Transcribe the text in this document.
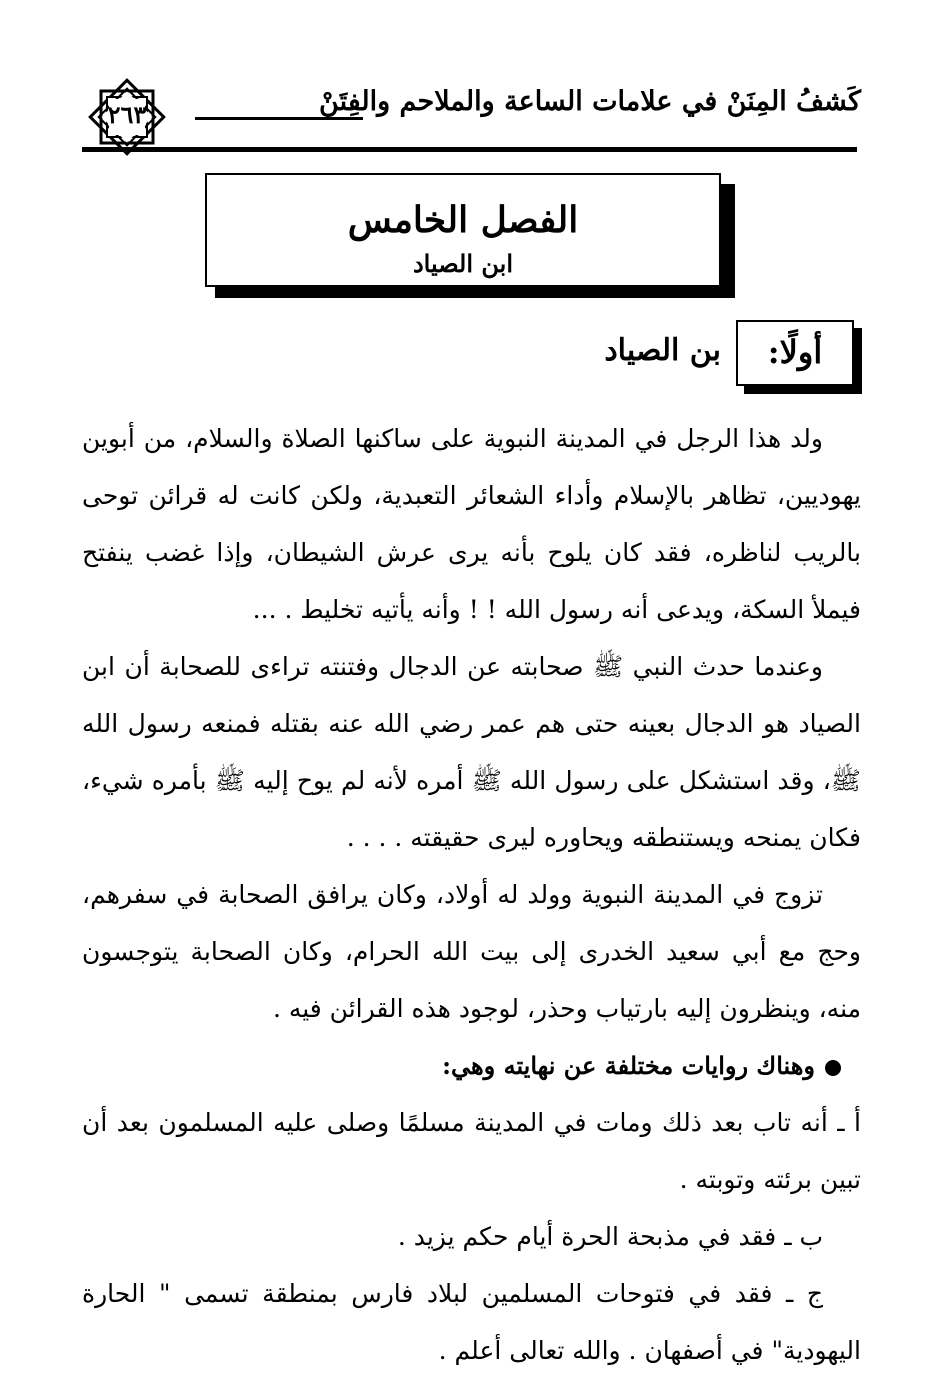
كَشفُ المِنَنْ في علامات الساعة والملاحم والفِتَنْ
٢٦٣
الفصل الخامس
ابن الصياد
أولًا:
بن الصياد

ولد هذا الرجل في المدينة النبوية على ساكنها الصلاة والسلام، من أبوين يهوديين، تظاهر بالإسلام وأداء الشعائر التعبدية، ولكن كانت له قرائن توحى بالريب لناظره، فقد كان يلوح بأنه يرى عرش الشيطان، وإذا غضب ينفتح فيملأ السكة، ويدعى أنه رسول الله ! ! وأنه يأتيه تخليط . ...

وعندما حدث النبي ﷺ صحابته عن الدجال وفتنته تراءى للصحابة أن ابن الصياد هو الدجال بعينه حتى هم عمر رضي الله عنه بقتله فمنعه رسول الله ﷺ، وقد استشكل على رسول الله ﷺ أمره لأنه لم يوح إليه ﷺ بأمره شيء، فكان يمنحه ويستنطقه ويحاوره ليرى حقيقته . . . .

تزوج في المدينة النبوية وولد له أولاد، وكان يرافق الصحابة في سفرهم، وحج مع أبي سعيد الخدرى إلى بيت الله الحرام، وكان الصحابة يتوجسون منه، وينظرون إليه بارتياب وحذر، لوجود هذه القرائن فيه .

وهناك روايات مختلفة عن نهايته وهي:

أ ـ أنه تاب بعد ذلك ومات في المدينة مسلمًا وصلى عليه المسلمون بعد أن تبين برئته وتوبته .

ب ـ فقد في مذبحة الحرة أيام حكم يزيد .

ج ـ فقد في فتوحات المسلمين لبلاد فارس بمنطقة تسمى " الحارة اليهودية" في أصفهان . والله تعالى أعلم .
